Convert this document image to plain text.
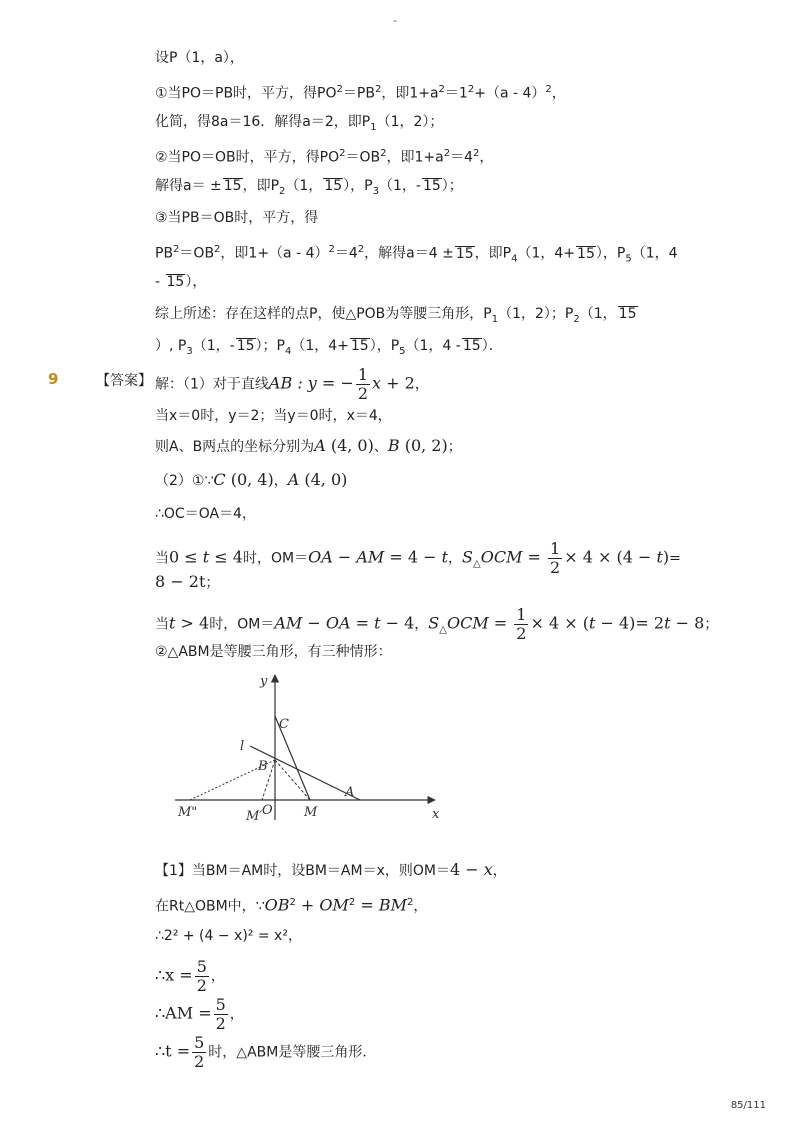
-
设P（1，a），
①当PO＝PB时，平方，得$PO^2=PB^2$，即$1+a^2=1^2+(a - 4)^2$，
化简，得8a＝16．解得a＝2，即$P_1(1$，2）；
②当PO＝OB时，平方，得$PO^2=OB^2$，即$1+a^2=4^2$，
解得a＝ ± 15，即$P_2(1$， 15），$P_3(1$，- 15）；
③当PB＝OB时，平方，得
$PB^2=OB^2$，即$1+(a - 4)^2=4^2$，解得a＝4 ± 15，即$P_4(1$，4+ 15），$P_5(1$，4
- 15），
综上所述：存在这样的点P，使△POB为等腰三角形，$P_1(1$，2）；$P_2(1$， 15
）, $P_3(1$，- 15）；$P_4(1$，4+ 15），$P_5(1$，4 - 15）．
9	【答案】 解：（1）对于直线AB : y = − $\frac{1}{2}$ x + 2，
当x＝0时，y＝2；当y＝0时，x＝4，
则A、B两点的坐标分别为A (4, 0)、B (0, 2)；
（2）①∵C (0, 4)，A (4, 0)
∴OC＝OA＝4，
当0 ≤ t ≤ 4时，OM＝OA − AM = 4 − t，$S_\triangle OCM = \frac{1}{2} \times 4 \times (4 - t)=$
8 − 2t；
当t > 4时，OM＝AM − OA = t − 4，$S_\triangle OCM = \frac{1}{2} \times 4 \times (t - 4)= 2t - 8$；
②△ABM是等腰三角形，有三种情形：
y
x
C
l
B
A
O
M"	M′	M
【1】当BM＝AM时，设BM＝AM＝x，则OM＝4 − x，
在Rt△OBM中，$\because OB^2 + OM^2 = BM^2$，
∴2² + (4 − x)² = x²，
∴x = $\frac{5}{2}$ ，
∴AM = $\frac{5}{2}$ ，
∴t = $\frac{5}{2}$ 时，△ABM是等腰三角形．
85/111
